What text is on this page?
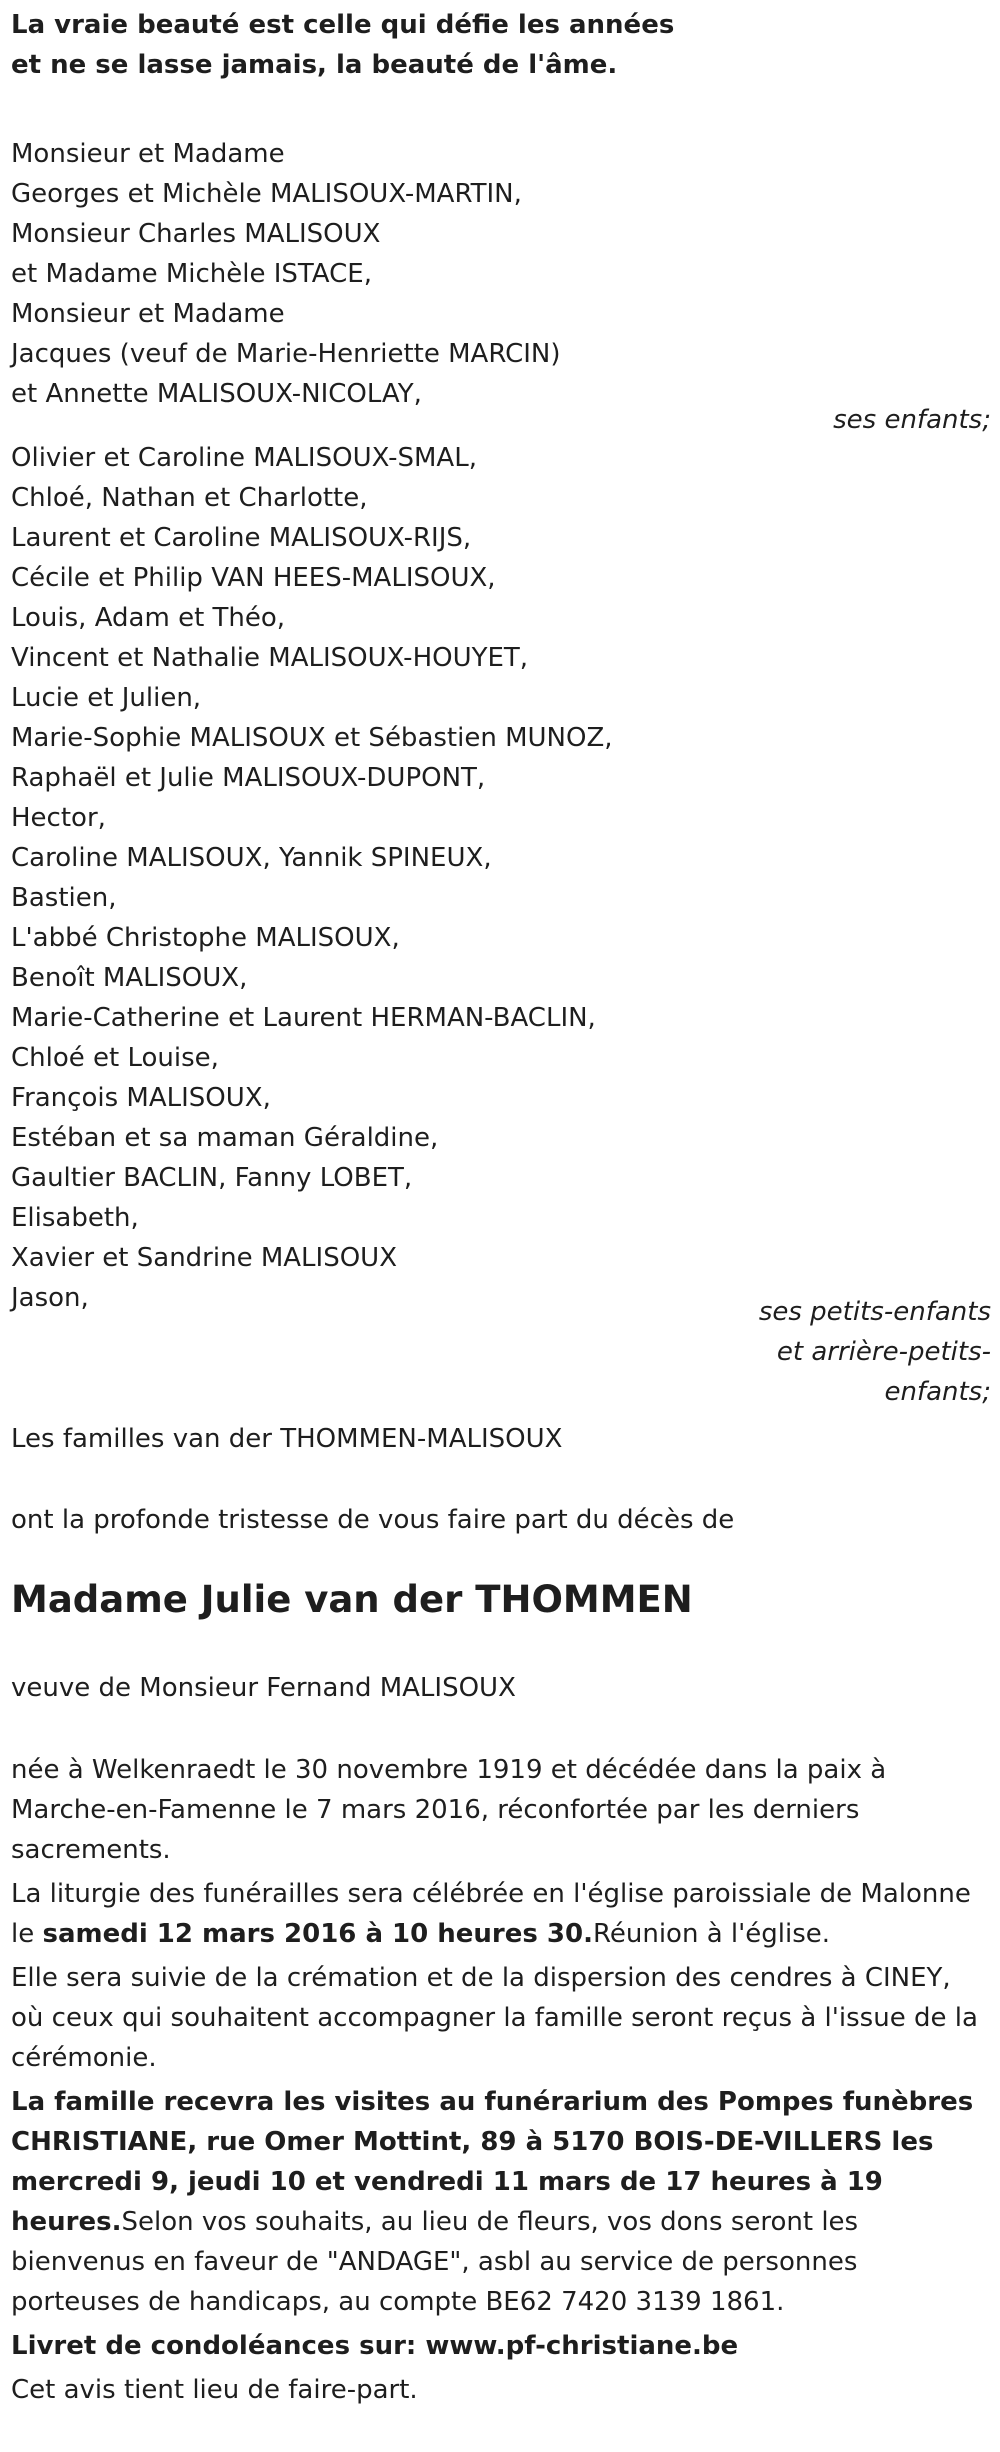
La vraie beauté est celle qui défie les années
et ne se lasse jamais, la beauté de l'âme.
Monsieur et Madame
Georges et Michèle MALISOUX-MARTIN,
Monsieur Charles MALISOUX
et Madame Michèle ISTACE,
Monsieur et Madame
Jacques (veuf de Marie-Henriette MARCIN)
et Annette MALISOUX-NICOLAY,
ses enfants;
Olivier et Caroline MALISOUX-SMAL,
Chloé, Nathan et Charlotte,
Laurent et Caroline MALISOUX-RIJS,
Cécile et Philip VAN HEES-MALISOUX,
Louis, Adam et Théo,
Vincent et Nathalie MALISOUX-HOUYET,
Lucie et Julien,
Marie-Sophie MALISOUX et Sébastien MUNOZ,
Raphaël et Julie MALISOUX-DUPONT,
Hector,
Caroline MALISOUX, Yannik SPINEUX,
Bastien,
L'abbé Christophe MALISOUX,
Benoît MALISOUX,
Marie-Catherine et Laurent HERMAN-BACLIN,
Chloé et Louise,
François MALISOUX,
Estéban et sa maman Géraldine,
Gaultier BACLIN, Fanny LOBET,
Elisabeth,
Xavier et Sandrine MALISOUX
Jason,	ses petits-enfants
et arrière-petits-
enfants;
Les familles van der THOMMEN-MALISOUX
ont la profonde tristesse de vous faire part du décès de
Madame Julie van der THOMMEN
veuve de Monsieur Fernand MALISOUX

née à Welkenraedt le 30 novembre 1919 et décédée dans la paix à Marche-en-Famenne le 7 mars 2016, réconfortée par les derniers sacrements.

La liturgie des funérailles sera célébrée en l'église paroissiale de Malonne le samedi 12 mars 2016 à 10 heures 30.Réunion à l'église.

Elle sera suivie de la crémation et de la dispersion des cendres à CINEY, où ceux qui souhaitent accompagner la famille seront reçus à l'issue de la cérémonie.

La famille recevra les visites au funérarium des Pompes funèbres CHRISTIANE, rue Omer Mottint, 89 à 5170 BOIS-DE-VILLERS les mercredi 9, jeudi 10 et vendredi 11 mars de 17 heures à 19 heures.Selon vos souhaits, au lieu de fleurs, vos dons seront les bienvenus en faveur de "ANDAGE", asbl au service de personnes porteuses de handicaps, au compte BE62 7420 3139 1861.

Livret de condoléances sur: www.pf-christiane.be

Cet avis tient lieu de faire-part.
